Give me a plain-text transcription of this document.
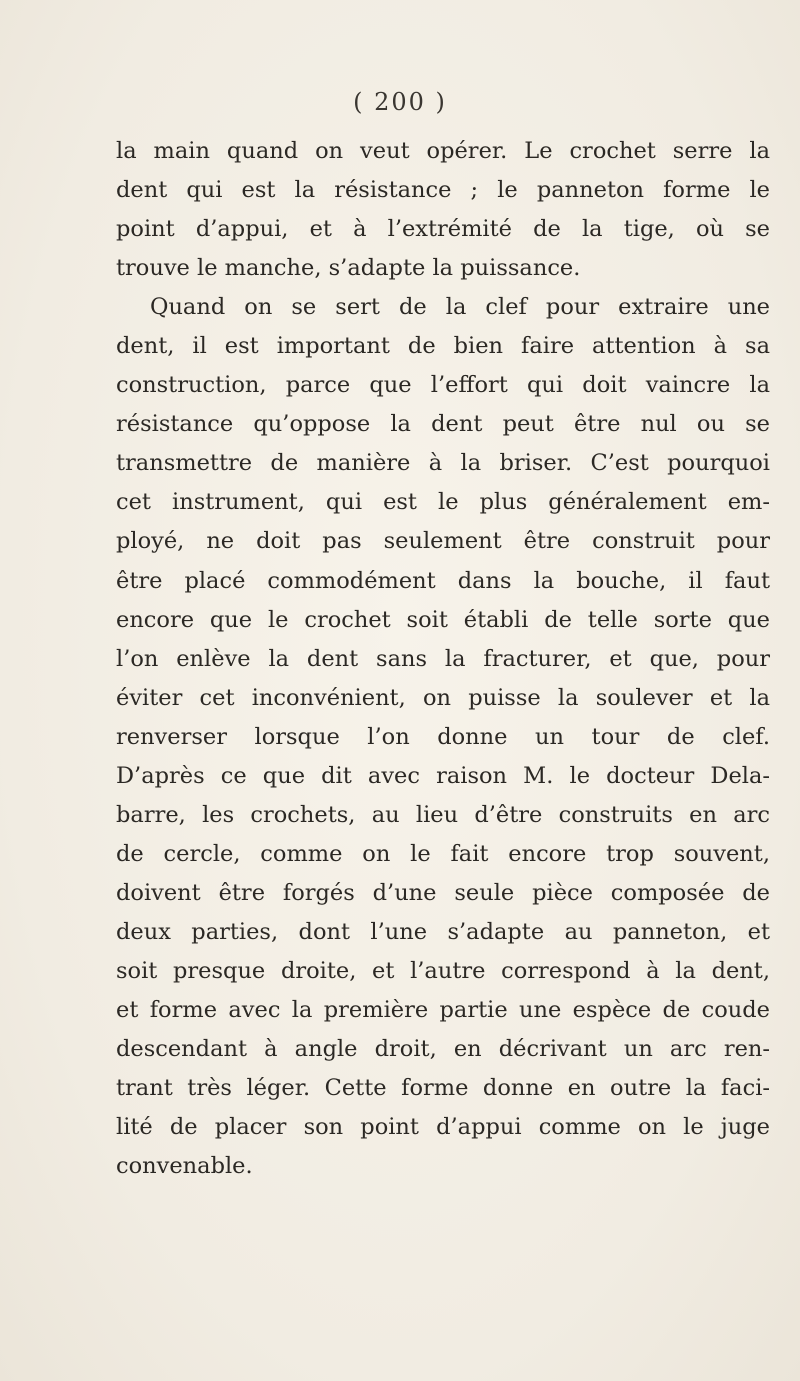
( 200 )
la main quand on veut opérer. Le crochet serre la
dent qui est la résistance ; le panneton forme le
point d’appui, et à l’extrémité de la tige, où se
trouve le manche, s’adapte la puissance.
Quand on se sert de la clef pour extraire une
dent, il est important de bien faire attention à sa
construction, parce que l’effort qui doit vaincre la
résistance qu’oppose la dent peut être nul ou se
transmettre de manière à la briser. C’est pourquoi
cet instrument, qui est le plus généralement em-
ployé, ne doit pas seulement être construit pour
être placé commodément dans la bouche, il faut
encore que le crochet soit établi de telle sorte que
l’on enlève la dent sans la fracturer, et que, pour
éviter cet inconvénient, on puisse la soulever et la
renverser lorsque l’on donne un tour de clef.
D’après ce que dit avec raison M. le docteur Dela-
barre, les crochets, au lieu d’être construits en arc
de cercle, comme on le fait encore trop souvent,
doivent être forgés d’une seule pièce composée de
deux parties, dont l’une s’adapte au panneton, et
soit presque droite, et l’autre correspond à la dent,
et forme avec la première partie une espèce de coude
descendant à angle droit, en décrivant un arc ren-
trant très léger. Cette forme donne en outre la faci-
lité de placer son point d’appui comme on le juge
convenable.
